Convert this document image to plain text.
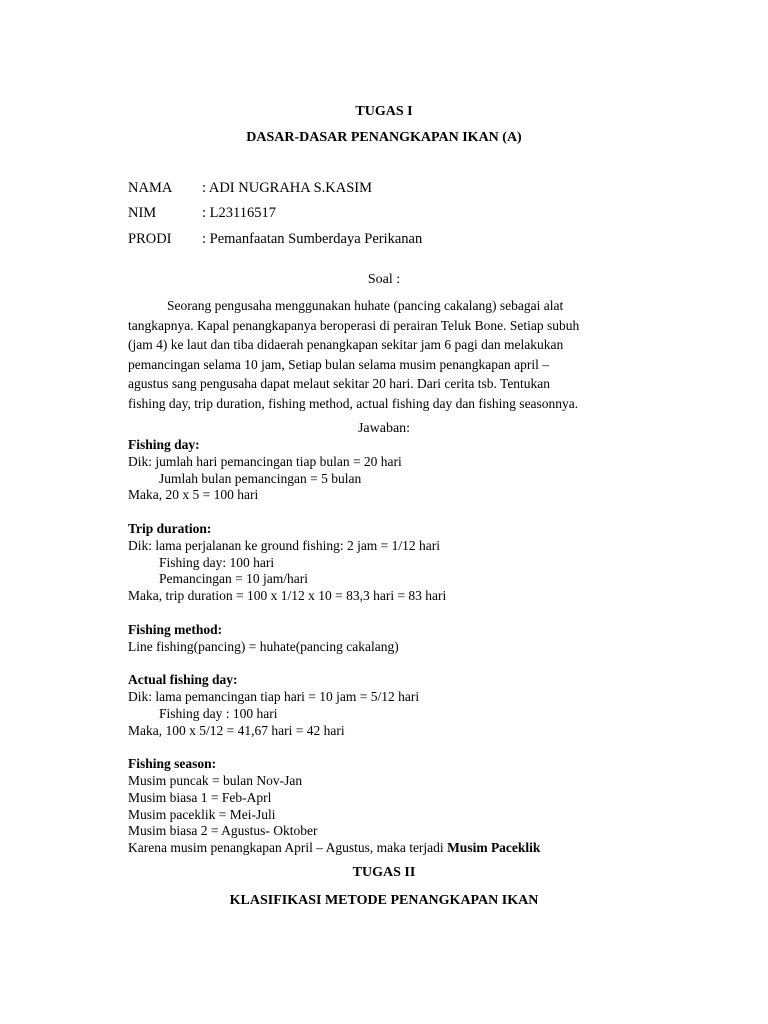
TUGAS I
DASAR-DASAR PENANGKAPAN IKAN (A)
NAMA : ADI NUGRAHA S.KASIM
NIM	: L23116517
PRODI : Pemanfaatan Sumberdaya Perikanan
Soal :
Seorang pengusaha menggunakan huhate (pancing cakalang) sebagai alat
tangkapnya. Kapal penangkapanya beroperasi di perairan Teluk Bone. Setiap subuh
(jam 4) ke laut dan tiba didaerah penangkapan sekitar jam 6 pagi dan melakukan
pemancingan selama 10 jam, Setiap bulan selama musim penangkapan april –
agustus sang pengusaha dapat melaut sekitar 20 hari. Dari cerita tsb. Tentukan
fishing day, trip duration, fishing method, actual fishing day dan fishing seasonnya.
Jawaban:
Fishing day:
Dik: jumlah hari pemancingan tiap bulan = 20 hari
Jumlah bulan pemancingan = 5 bulan
Maka, 20 x 5 = 100 hari
Trip duration:
Dik: lama perjalanan ke ground fishing: 2 jam = 1/12 hari
Fishing day: 100 hari
Pemancingan = 10 jam/hari
Maka, trip duration = 100 x 1/12 x 10 = 83,3 hari = 83 hari
Fishing method:
Line fishing(pancing) = huhate(pancing cakalang)
Actual fishing day:
Dik: lama pemancingan tiap hari = 10 jam = 5/12 hari
Fishing day : 100 hari
Maka, 100 x 5/12 = 41,67 hari = 42 hari
Fishing season:
Musim puncak = bulan Nov-Jan
Musim biasa 1 = Feb-Aprl
Musim paceklik = Mei-Juli
Musim biasa 2 = Agustus- Oktober
Karena musim penangkapan April – Agustus, maka terjadi Musim Paceklik
TUGAS II
KLASIFIKASI METODE PENANGKAPAN IKAN
